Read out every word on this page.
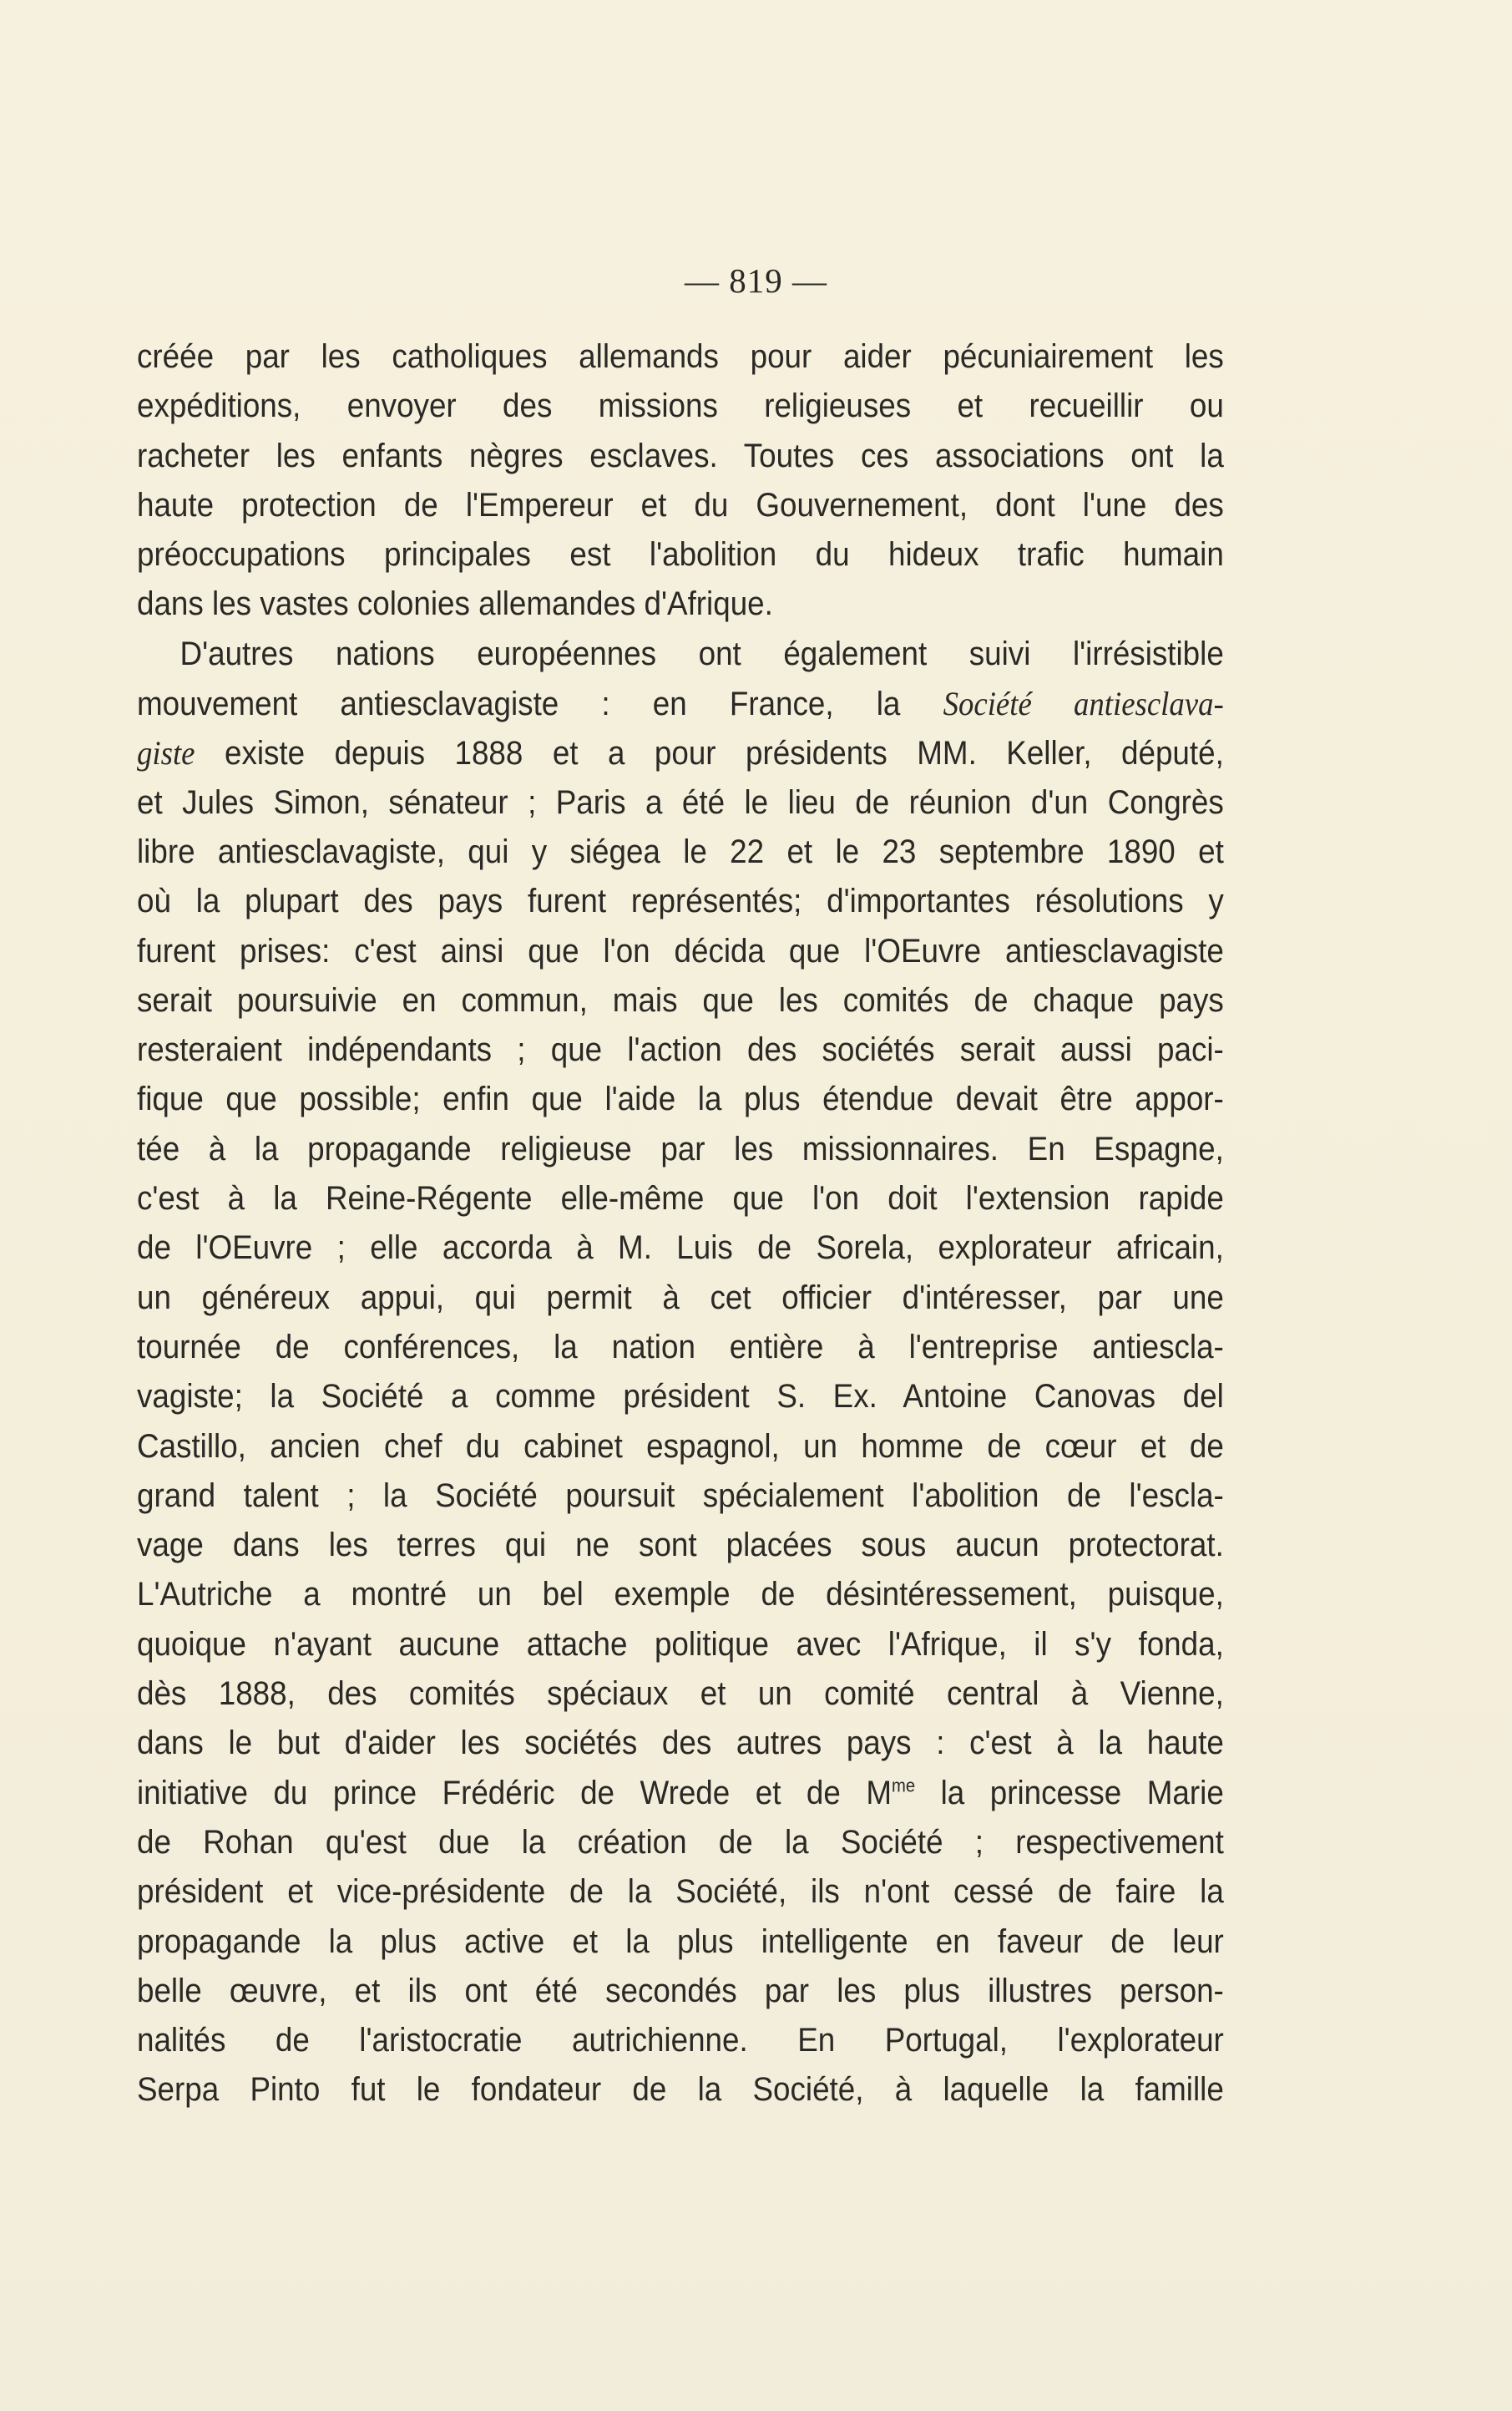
— 819 —
créée par les catholiques allemands pour aider pécuniairement les
expéditions, envoyer des missions religieuses et recueillir ou
racheter les enfants nègres esclaves. Toutes ces associations ont la
haute protection de l'Empereur et du Gouvernement, dont l'une des
préoccupations principales est l'abolition du hideux trafic humain
dans les vastes colonies allemandes d'Afrique.
D'autres nations européennes ont également suivi l'irrésistible
mouvement antiesclavagiste : en France, la Société antiesclava-
giste existe depuis 1888 et a pour présidents MM. Keller, député,
et Jules Simon, sénateur ; Paris a été le lieu de réunion d'un Congrès
libre antiesclavagiste, qui y siégea le 22 et le 23 septembre 1890 et
où la plupart des pays furent représentés; d'importantes résolutions y
furent prises: c'est ainsi que l'on décida que l'OEuvre antiesclavagiste
serait poursuivie en commun, mais que les comités de chaque pays
resteraient indépendants ; que l'action des sociétés serait aussi paci-
fique que possible; enfin que l'aide la plus étendue devait être appor-
tée à la propagande religieuse par les missionnaires. En Espagne,
c'est à la Reine-Régente elle-même que l'on doit l'extension rapide
de l'OEuvre ; elle accorda à M. Luis de Sorela, explorateur africain,
un généreux appui, qui permit à cet officier d'intéresser, par une
tournée de conférences, la nation entière à l'entreprise antiescla-
vagiste; la Société a comme président S. Ex. Antoine Canovas del
Castillo, ancien chef du cabinet espagnol, un homme de cœur et de
grand talent ; la Société poursuit spécialement l'abolition de l'escla-
vage dans les terres qui ne sont placées sous aucun protectorat.
L'Autriche a montré un bel exemple de désintéressement, puisque,
quoique n'ayant aucune attache politique avec l'Afrique, il s'y fonda,
dès 1888, des comités spéciaux et un comité central à Vienne,
dans le but d'aider les sociétés des autres pays : c'est à la haute
initiative du prince Frédéric de Wrede et de $M^{me}$ la princesse Marie
de Rohan qu'est due la création de la Société ; respectivement
président et vice-présidente de la Société, ils n'ont cessé de faire la
propagande la plus active et la plus intelligente en faveur de leur
belle œuvre, et ils ont été secondés par les plus illustres person-
nalités de l'aristocratie autrichienne. En Portugal, l'explorateur
Serpa Pinto fut le fondateur de la Société, à laquelle la famille
